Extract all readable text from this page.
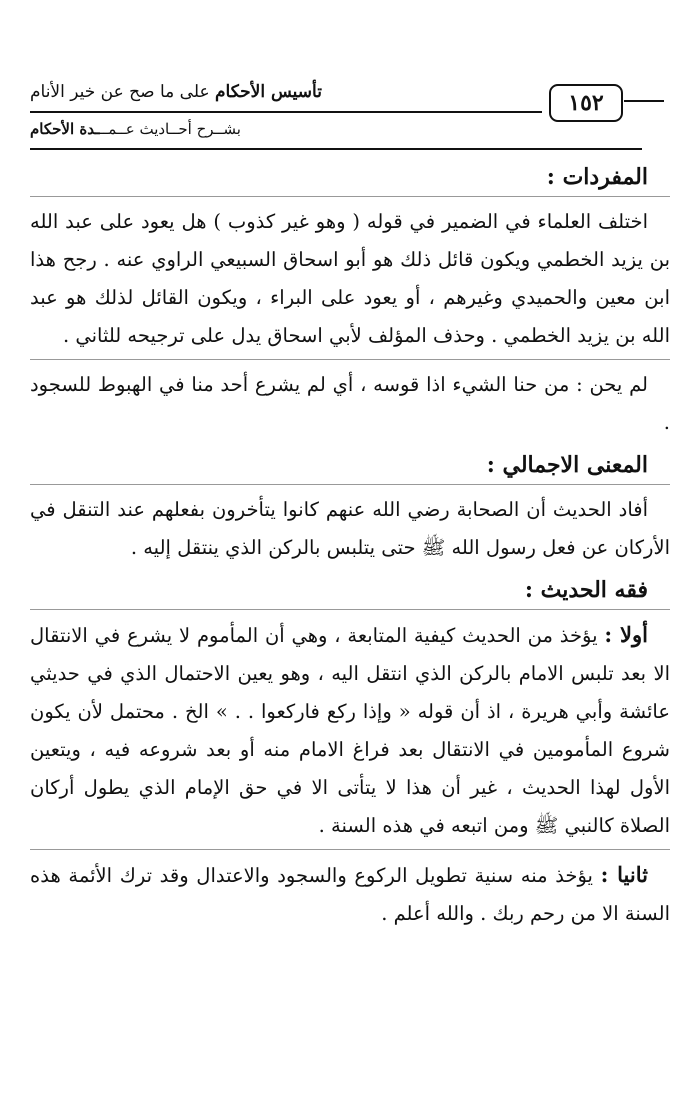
تأسيس الأحكام على ما صح عن خير الأنام
بشــرح أحــاديث عــمـــدة الأحكام
١٥٢
المفردات :

اختلف العلماء في الضمير في قوله ( وهو غير كذوب ) هل يعود على عبد الله بن يزيد الخطمي ويكون قائل ذلك هو أبو اسحاق السبيعي الراوي عنه . رجح هذا ابن معين والحميدي وغيرهم ، أو يعود على البراء ، ويكون القائل لذلك هو عبد الله بن يزيد الخطمي . وحذف المؤلف لأبي اسحاق يدل على ترجيحه للثاني .

لم يحن : من حنا الشيء اذا قوسه ، أي لم يشرع أحد منا في الهبوط للسجود .

المعنى الاجمالي :

أفاد الحديث أن الصحابة رضي الله عنهم كانوا يتأخرون بفعلهم عند التنقل في الأركان عن فعل رسول الله ﷺ حتى يتلبس بالركن الذي ينتقل إليه .

فقه الحديث :

أولا : يؤخذ من الحديث كيفية المتابعة ، وهي أن المأموم لا يشرع في الانتقال الا بعد تلبس الامام بالركن الذي انتقل اليه ، وهو يعين الاحتمال الذي في حديثي عائشة وأبي هريرة ، اذ أن قوله « وإذا ركع فاركعوا . . » الخ . محتمل لأن يكون شروع المأمومين في الانتقال بعد فراغ الامام منه أو بعد شروعه فيه ، ويتعين الأول لهذا الحديث ، غير أن هذا لا يتأتى الا في حق الإمام الذي يطول أركان الصلاة كالنبي ﷺ ومن اتبعه في هذه السنة .

ثانيا : يؤخذ منه سنية تطويل الركوع والسجود والاعتدال وقد ترك الأئمة هذه السنة الا من رحم ربك . والله أعلم .
